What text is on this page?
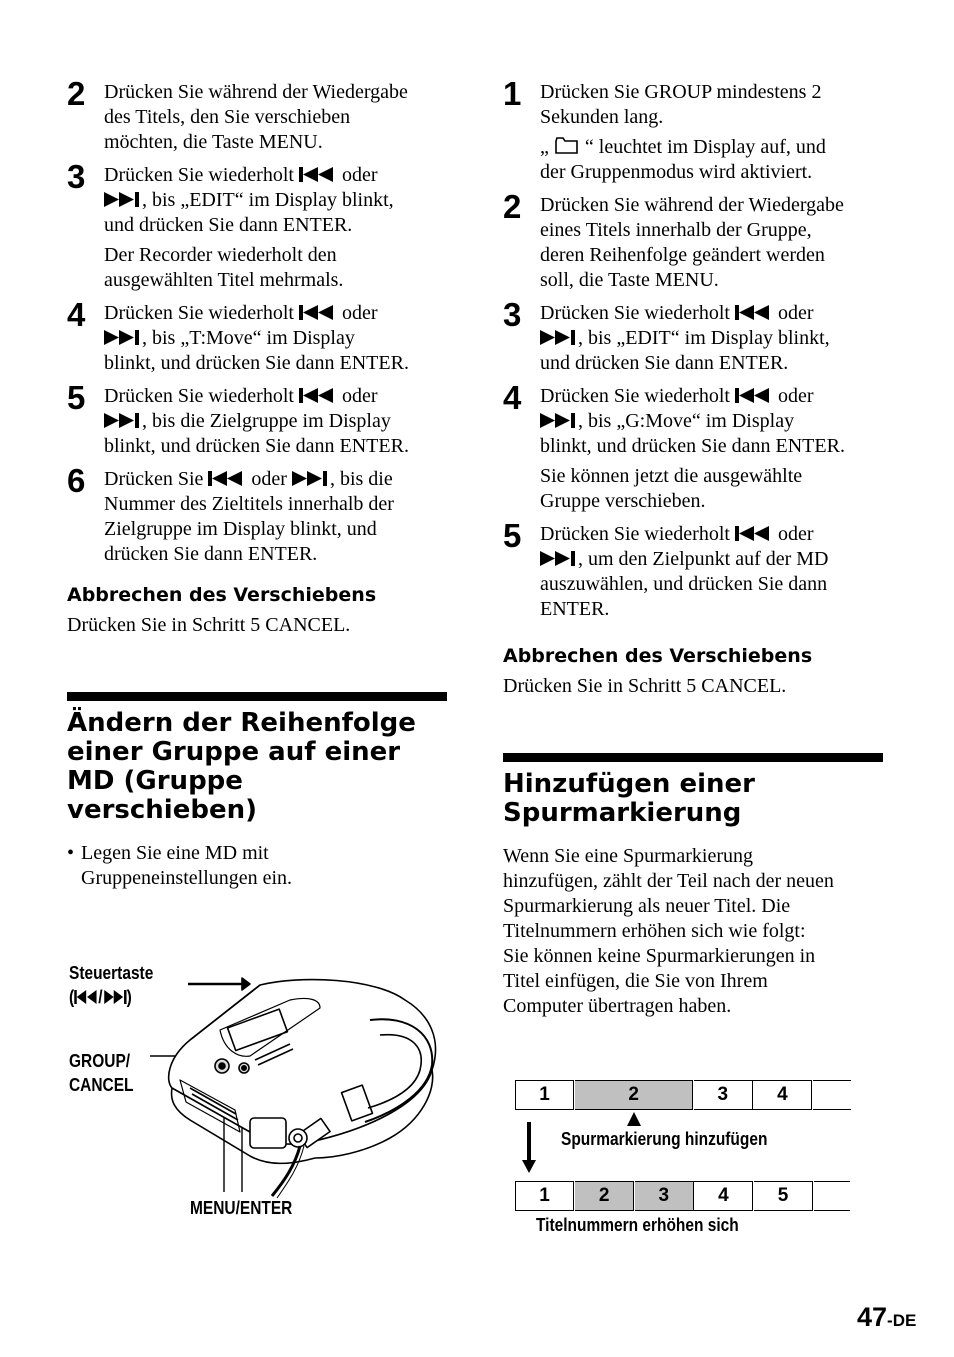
2 Drücken Sie während der Wiedergabe
des Titels, den Sie verschieben
möchten, die Taste MENU.

3 Drücken Sie wiederholt  oder
, bis „EDIT“ im Display blinkt,
und drücken Sie dann ENTER.

Der Recorder wiederholt den
ausgewählten Titel mehrmals.

4 Drücken Sie wiederholt  oder
, bis „T:Move“ im Display
blinkt, und drücken Sie dann ENTER.

5 Drücken Sie wiederholt  oder
, bis die Zielgruppe im Display
blinkt, und drücken Sie dann ENTER.

6 Drücken Sie  oder , bis die
Nummer des Zieltitels innerhalb der
Zielgruppe im Display blinkt, und
drücken Sie dann ENTER.

Abbrechen des Verschiebens

Drücken Sie in Schritt 5 CANCEL.

Ändern der Reihenfolge
einer Gruppe auf einer
MD (Gruppe
verschieben)
• Legen Sie eine MD mit
Gruppeneinstellungen ein.
Steuertaste
( / )
GROUP/
CANCEL
MENU/ENTER
1 Drücken Sie GROUP mindestens 2
Sekunden lang.

„  “ leuchtet im Display auf, und
der Gruppenmodus wird aktiviert.

2 Drücken Sie während der Wiedergabe
eines Titels innerhalb der Gruppe,
deren Reihenfolge geändert werden
soll, die Taste MENU.

3 Drücken Sie wiederholt  oder
, bis „EDIT“ im Display blinkt,
und drücken Sie dann ENTER.

4 Drücken Sie wiederholt  oder
, bis „G:Move“ im Display
blinkt, und drücken Sie dann ENTER.

Sie können jetzt die ausgewählte
Gruppe verschieben.

5 Drücken Sie wiederholt  oder
, um den Zielpunkt auf der MD
auszuwählen, und drücken Sie dann
ENTER.

Abbrechen des Verschiebens

Drücken Sie in Schritt 5 CANCEL.

Hinzufügen einer
Spurmarkierung

Wenn Sie eine Spurmarkierung

hinzufügen, zählt der Teil nach der neuen

Spurmarkierung als neuer Titel. Die

Titelnummern erhöhen sich wie folgt:

Sie können keine Spurmarkierungen in

Titel einfügen, die Sie von Ihrem

Computer übertragen haben.

1	2	3	4
Spurmarkierung hinzufügen
1	2	3	4	5
Titelnummern erhöhen sich
47-DE
